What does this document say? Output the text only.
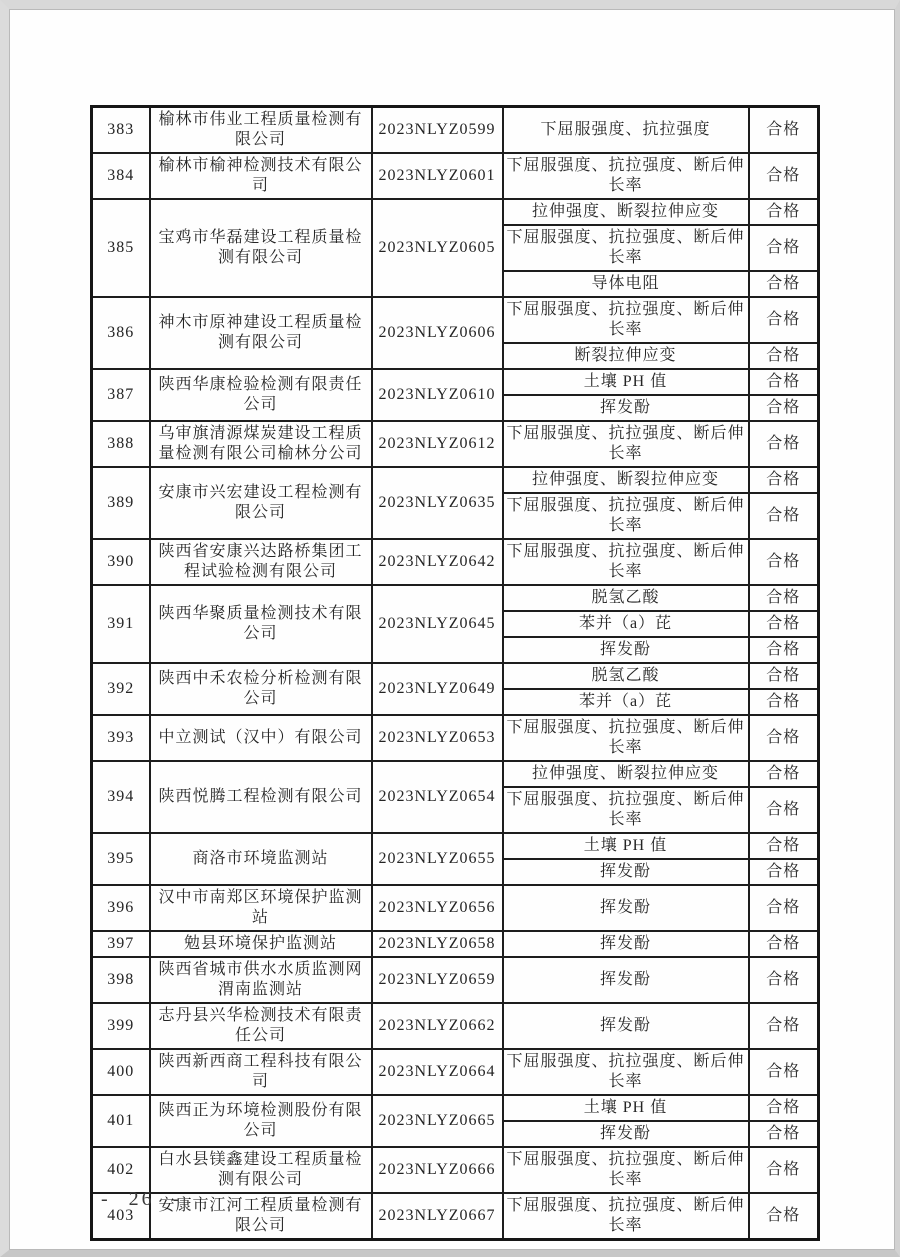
383	榆林市伟业工程质量检测有限公司	2023NLYZ0599	下屈服强度、抗拉强度	合格
384	榆林市榆神检测技术有限公司	2023NLYZ0601	下屈服强度、抗拉强度、断后伸长率	合格
385	宝鸡市华磊建设工程质量检测有限公司	2023NLYZ0605	拉伸强度、断裂拉伸应变	合格
			下屈服强度、抗拉强度、断后伸长率	合格
			导体电阻	合格
386	神木市原神建设工程质量检测有限公司	2023NLYZ0606	下屈服强度、抗拉强度、断后伸长率	合格
			断裂拉伸应变	合格
387	陕西华康检验检测有限责任公司	2023NLYZ0610	土壤 PH 值	合格
			挥发酚	合格
388	乌审旗清源煤炭建设工程质量检测有限公司榆林分公司	2023NLYZ0612	下屈服强度、抗拉强度、断后伸长率	合格
389	安康市兴宏建设工程检测有限公司	2023NLYZ0635	拉伸强度、断裂拉伸应变	合格
			下屈服强度、抗拉强度、断后伸长率	合格
390	陕西省安康兴达路桥集团工程试验检测有限公司	2023NLYZ0642	下屈服强度、抗拉强度、断后伸长率	合格
391	陕西华聚质量检测技术有限公司	2023NLYZ0645	脱氢乙酸	合格
			苯并（a）芘	合格
			挥发酚	合格
392	陕西中禾农检分析检测有限公司	2023NLYZ0649	脱氢乙酸	合格
			苯并（a）芘	合格
393	中立测试（汉中）有限公司	2023NLYZ0653	下屈服强度、抗拉强度、断后伸长率	合格
394	陕西悦腾工程检测有限公司	2023NLYZ0654	拉伸强度、断裂拉伸应变	合格
			下屈服强度、抗拉强度、断后伸长率	合格
395	商洛市环境监测站	2023NLYZ0655	土壤 PH 值	合格
			挥发酚	合格
396	汉中市南郑区环境保护监测站	2023NLYZ0656	挥发酚	合格
397	勉县环境保护监测站	2023NLYZ0658	挥发酚	合格
398	陕西省城市供水水质监测网渭南监测站	2023NLYZ0659	挥发酚	合格
399	志丹县兴华检测技术有限责任公司	2023NLYZ0662	挥发酚	合格
400	陕西新西商工程科技有限公司	2023NLYZ0664	下屈服强度、抗拉强度、断后伸长率	合格
401	陕西正为环境检测股份有限公司	2023NLYZ0665	土壤 PH 值	合格
			挥发酚	合格
402	白水县镁鑫建设工程质量检测有限公司	2023NLYZ0666	下屈服强度、抗拉强度、断后伸长率	合格
403	安康市江河工程质量检测有限公司	2023NLYZ0667	下屈服强度、抗拉强度、断后伸长率	合格
- 26 -
